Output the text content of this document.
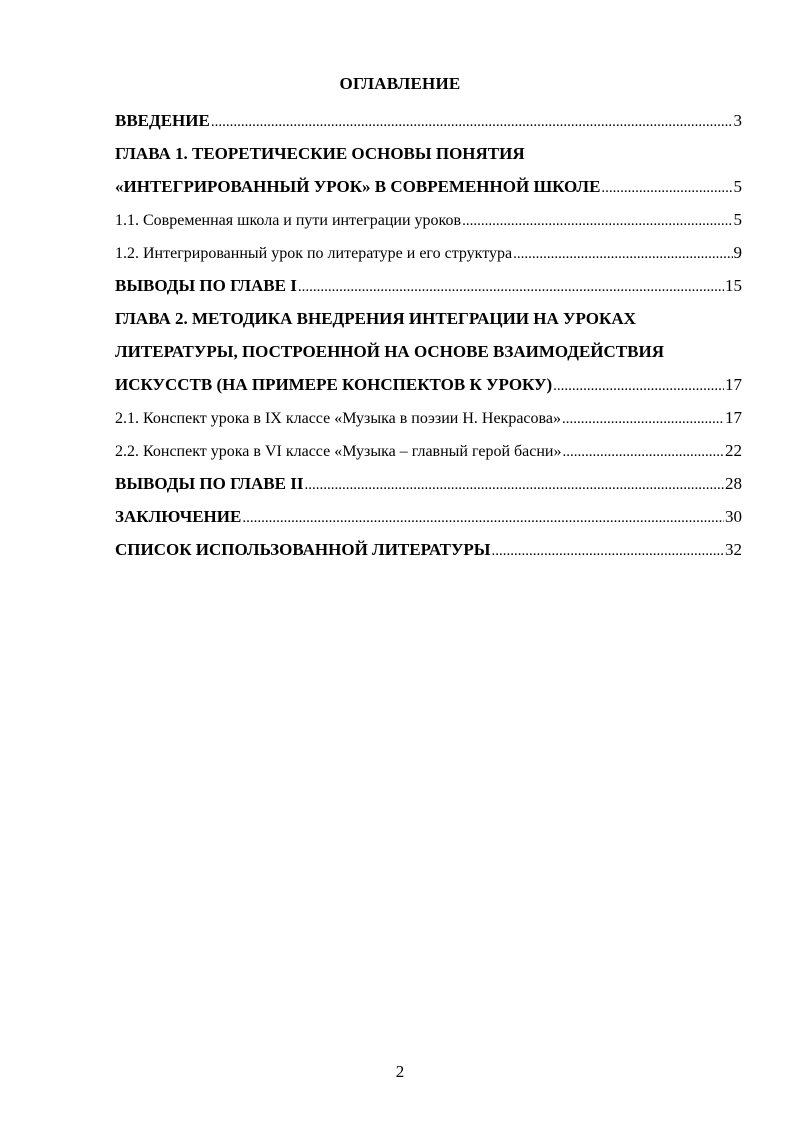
ОГЛАВЛЕНИЕ
ВВЕДЕНИЕ .....	3
ГЛАВА 1. ТЕОРЕТИЧЕСКИЕ ОСНОВЫ ПОНЯТИЯ
«ИНТЕГРИРОВАННЫЙ УРОК» В СОВРЕМЕННОЙ ШКОЛЕ .....	5
1.1. Современная школа и пути интеграции уроков .....	5
1.2. Интегрированный урок по литературе и его структура .....	9
ВЫВОДЫ ПО ГЛАВЕ I .....	15
ГЛАВА 2. МЕТОДИКА ВНЕДРЕНИЯ ИНТЕГРАЦИИ НА УРОКАХ
ЛИТЕРАТУРЫ, ПОСТРОЕННОЙ НА ОСНОВЕ ВЗАИМОДЕЙСТВИЯ
ИСКУССТВ (НА ПРИМЕРЕ КОНСПЕКТОВ К УРОКУ) .....	17
2.1. Конспект урока в IX классе «Музыка в поэзии Н. Некрасова» .....	17
2.2. Конспект урока в VI классе «Музыка – главный герой басни» .....	22
ВЫВОДЫ ПО ГЛАВЕ II .....	28
ЗАКЛЮЧЕНИЕ .....	30
СПИСОК ИСПОЛЬЗОВАННОЙ ЛИТЕРАТУРЫ .....	32
2
